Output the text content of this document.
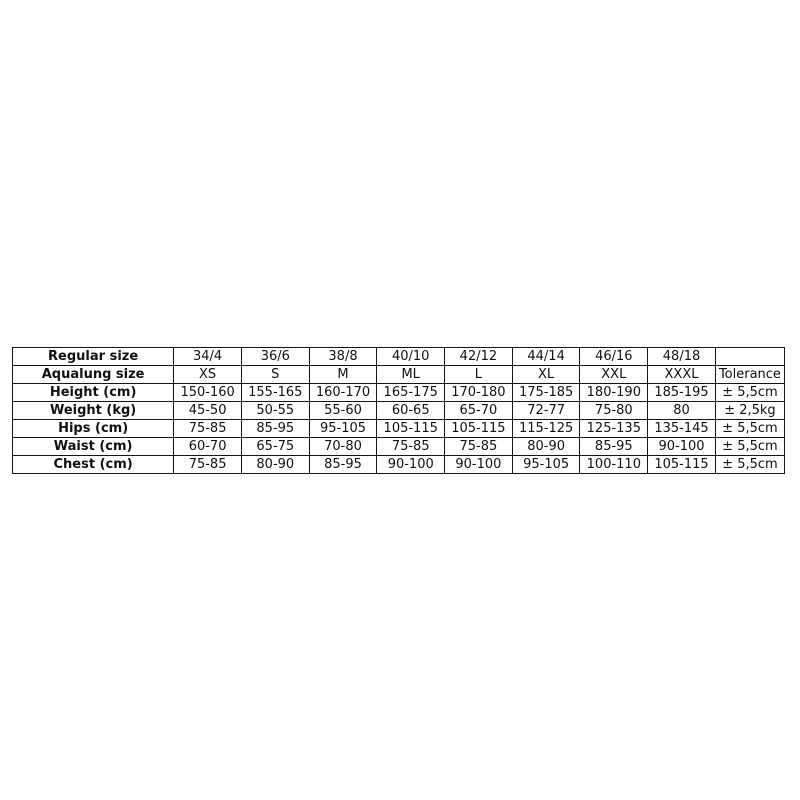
Regular size	34/4	36/6	38/8	40/10	42/12	44/14	46/16	48/18	
Aqualung size	XS	S	M	ML	L	XL	XXL	XXXL	Tolerance
Height (cm)	150-160	155-165	160-170	165-175	170-180	175-185	180-190	185-195	± 5,5cm
Weight (kg)	45-50	50-55	55-60	60-65	65-70	72-77	75-80	80	± 2,5kg
Hips (cm)	75-85	85-95	95-105	105-115	105-115	115-125	125-135	135-145	± 5,5cm
Waist (cm)	60-70	65-75	70-80	75-85	75-85	80-90	85-95	90-100	± 5,5cm
Chest (cm)	75-85	80-90	85-95	90-100	90-100	95-105	100-110	105-115	± 5,5cm
